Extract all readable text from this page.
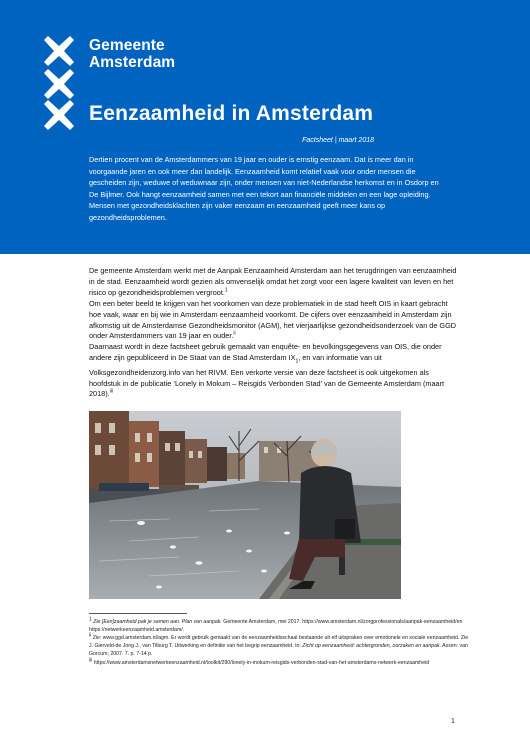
Gemeente
Amsterdam
Eenzaamheid in Amsterdam
Factsheet | maart 2018
Dertien procent van de Amsterdammers van 19 jaar en ouder is ernstig eenzaam. Dat is meer dan in voorgaande jaren en ook meer dan landelijk. Eenzaamheid komt relatief vaak voor onder mensen die gescheiden zijn, weduwe of weduwnaar zijn, onder mensen van niet-Nederlandse herkomst en in Osdorp en De Bijlmer. Ook hangt eenzaamheid samen met een tekort aan financiële middelen en een lage opleiding. Mensen met gezondheidsklachten zijn vaker eenzaam en eenzaamheid geeft meer kans op gezondheidsproblemen.

De gemeente Amsterdam werkt met de Aanpak Eenzaamheid Amsterdam aan het terugdringen van eenzaamheid in de stad. Eenzaamheid wordt gezien als omvenselijk omdat het zorgt voor een lagere kwaliteit van leven en het risico op gezondheidsproblemen vergroot.$^1$

Om een beter beeld te krijgen van het voorkomen van deze problematiek in de stad heeft OIS in kaart gebracht hoe vaak, waar en bij wie in Amsterdam eenzaamheid voorkomt. De cijfers over eenzaamheid in Amsterdam zijn afkomstig uit de Amsterdamse Gezondheidsmonitor (AGM), het vierjaarlijkse gezondheidsonderzoek van de GGD onder Amsterdammers van 19 jaar en ouder.$^{ii}$

Daarnaast wordt in deze factsheet gebruik gemaakt van enquête- en bevolkingsgegevens van OIS, die onder andere zijn gepubliceerd in De Staat van de Stad Amsterdam $IX_1$, en van informatie van uit Volksgezondheidenzorg.info van het RIVM. Een verkorte versie van deze factsheet is ook uitgekomen als hoofdstuk in de publicatie ‘Lonely in Mokum – Reisgids Verbonden Stad’ van de Gemeente Amsterdam (maart 2018).$^{iii}$

$^1$ Zie [Een]zaamheid pak je samen aan. Plan van aanpak. Gemeente Amsterdam, mei 2017. https://www.amsterdam.nl/zorgprofessionals/aanpak-eenzaamheid/en https://netwerkeenzaamheid.amsterdam/.

$^{ii}$ Zie: www.ggd.amsterdam.nl/agm. Er wordt gebruik gemaakt van de eenzaamheidsschaal bestaande uit elf uitspraken over emotionele en sociale eenzaamheid. Zie J. Gierveld-de Jong J., van Tilburg T. Uitwerking en definitie van het begrip eenzaamheid. In: Zicht op eenzaamheid: achtergronden, oorzaken en aanpak. Assen: van Gorcum; 2007. 7. p. 7-14 p.

$^{iii}$ https://www.amsterdamsnetwerkeenzaamheid.nl/toolkit/290/lonely-in-mokum-reisgids-verbonden-stad-van-het-amsterdams-netwerk-eenzaamheid

1
